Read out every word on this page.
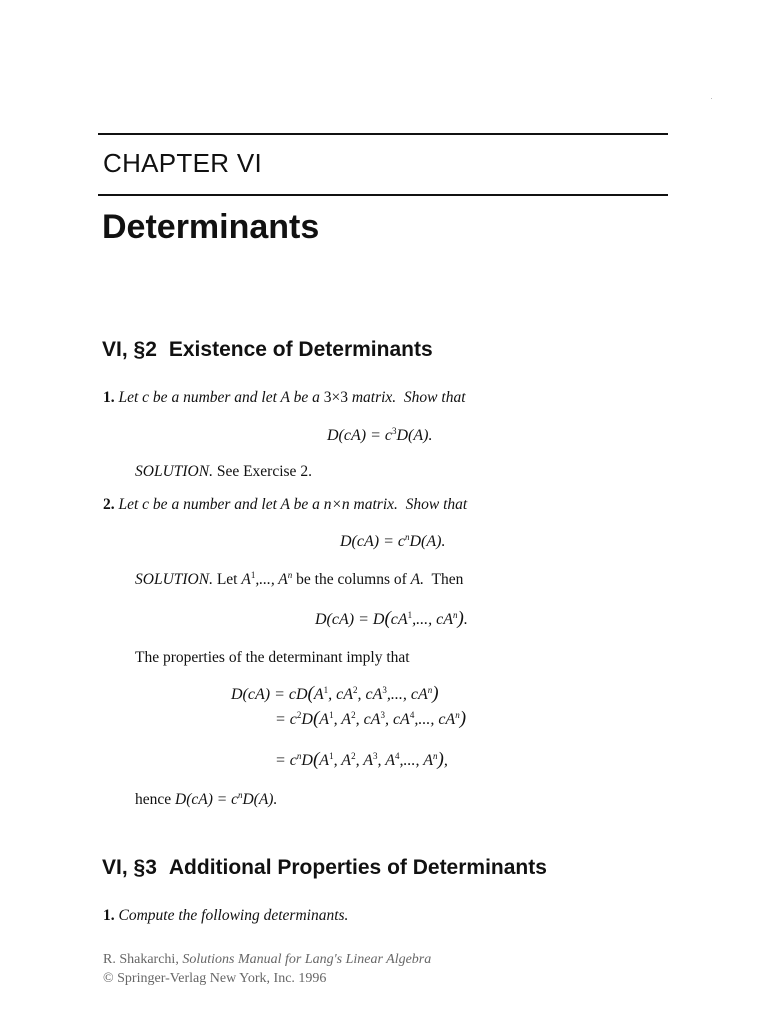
CHAPTER VI
Determinants
VI, §2 Existence of Determinants
1. Let c be a number and let A be a 3×3 matrix. Show that
$D(cA) = c^3D(A)$.
SOLUTION. See Exercise 2.
2. Let c be a number and let A be a n×n matrix. Show that
$D(cA) = c^nD(A)$.
SOLUTION. Let $A^1$,..., $A^n$ be the columns of A. Then
$D(cA) = D(cA^1$,..., $cA^n$).
The properties of the determinant imply that
$D(cA) = cD(A^1$, $cA^2$, $cA^3$,..., $cA^n$)
= $c^2D(A^1$, $A^2$, $cA^3$, $cA^4$,..., $cA^n$)
= $c^nD(A^1$, $A^2$, $A^3$, $A^4$,..., $A^n$),
hence $D(cA) = c^nD(A)$.
VI, §3 Additional Properties of Determinants
1. Compute the following determinants.
R. Shakarchi, Solutions Manual for Lang's Linear Algebra
© Springer-Verlag New York, Inc. 1996
